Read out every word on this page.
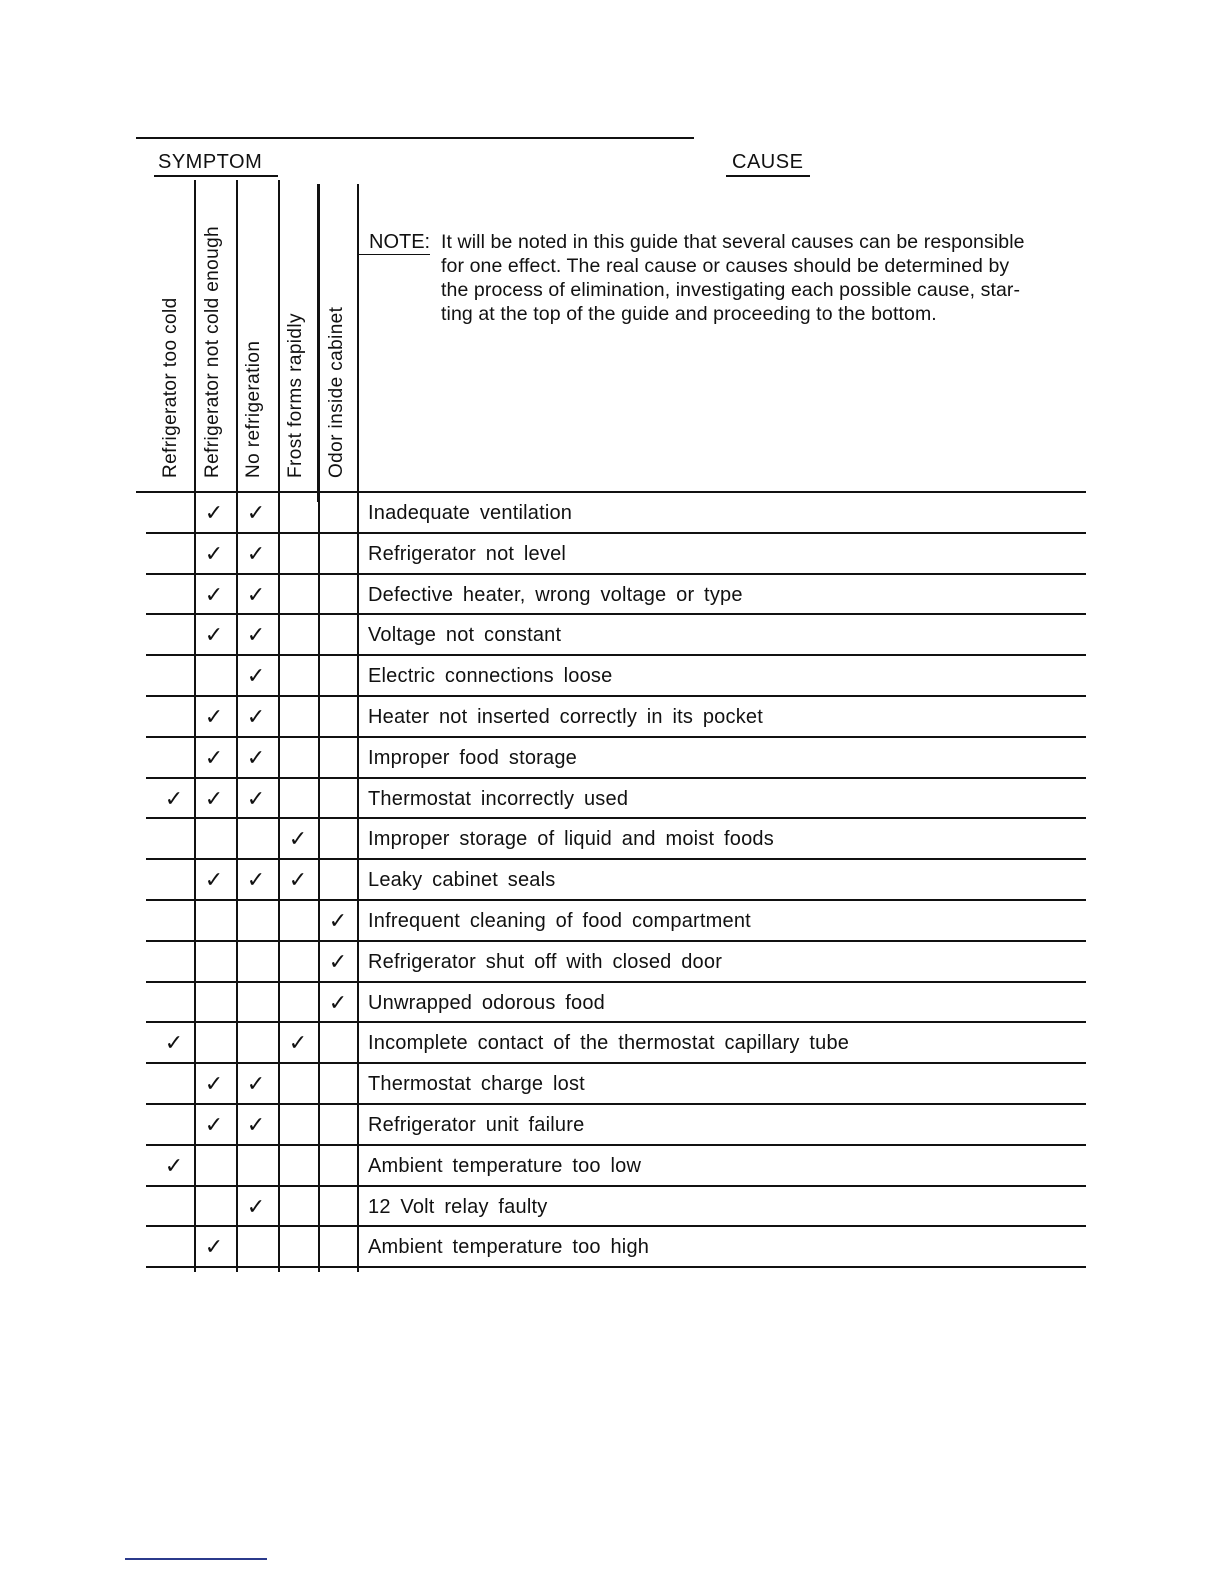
SYMPTOM	CAUSE
Refrigerator too cold Refrigerator not cold enough No refrigeration Frost forms rapidly Odor inside cabinet
NOTE: It will be noted in this guide that several causes can be responsible
for one effect. The real cause or causes should be determined by
the process of elimination, investigating each possible cause, star-
ting at the top of the guide and proceeding to the bottom.
Inadequate ventilation
✓ ✓
Refrigerator not level
✓ ✓
Defective heater, wrong voltage or type
✓ ✓
Voltage not constant
✓ ✓
Electric connections loose
✓
Heater not inserted correctly in its pocket
✓ ✓
Improper food storage
✓ ✓
Thermostat incorrectly used
✓ ✓ ✓
Improper storage of liquid and moist foods
✓
Leaky cabinet seals
✓ ✓ ✓
Infrequent cleaning of food compartment
✓
Refrigerator shut off with closed door
✓
Unwrapped odorous food
✓
Incomplete contact of the thermostat capillary tube
✓	✓
Thermostat charge lost
✓ ✓
Refrigerator unit failure
✓ ✓
Ambient temperature too low
✓
12 Volt relay faulty
✓
Ambient temperature too high
✓
